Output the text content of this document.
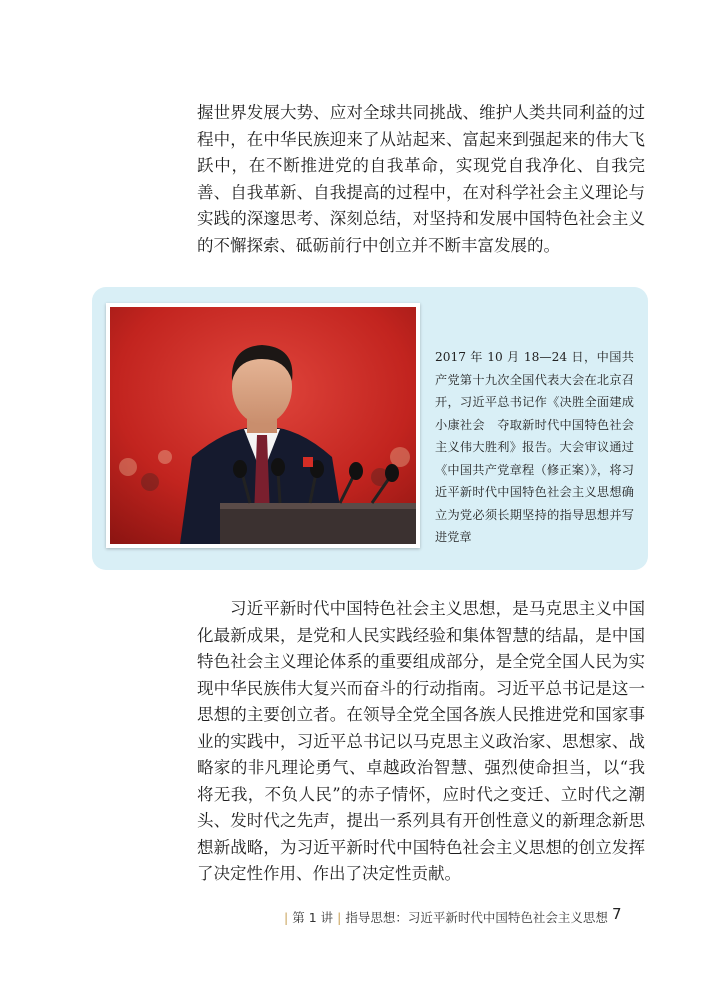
握世界发展大势、应对全球共同挑战、维护人类共同利益的过程中，在中华民族迎来了从站起来、富起来到强起来的伟大飞跃中，在不断推进党的自我革命，实现党自我净化、自我完善、自我革新、自我提高的过程中，在对科学社会主义理论与实践的深邃思考、深刻总结，对坚持和发展中国特色社会主义的不懈探索、砥砺前行中创立并不断丰富发展的。

2017 年 10 月 18—24 日，中国共产党第十九次全国代表大会在北京召开，习近平总书记作《决胜全面建成小康社会　夺取新时代中国特色社会主义伟大胜利》报告。大会审议通过《中国共产党章程（修正案）》，将习近平新时代中国特色社会主义思想确立为党必须长期坚持的指导思想并写进党章

习近平新时代中国特色社会主义思想，是马克思主义中国化最新成果，是党和人民实践经验和集体智慧的结晶，是中国特色社会主义理论体系的重要组成部分，是全党全国人民为实现中华民族伟大复兴而奋斗的行动指南。习近平总书记是这一思想的主要创立者。在领导全党全国各族人民推进党和国家事业的实践中，习近平总书记以马克思主义政治家、思想家、战略家的非凡理论勇气、卓越政治智慧、强烈使命担当，以“我将无我，不负人民”的赤子情怀，应时代之变迁、立时代之潮头、发时代之先声，提出一系列具有开创性意义的新理念新思想新战略，为习近平新时代中国特色社会主义思想的创立发挥了决定性作用、作出了决定性贡献。

| 第 1 讲 | 指导思想：习近平新时代中国特色社会主义思想 7
